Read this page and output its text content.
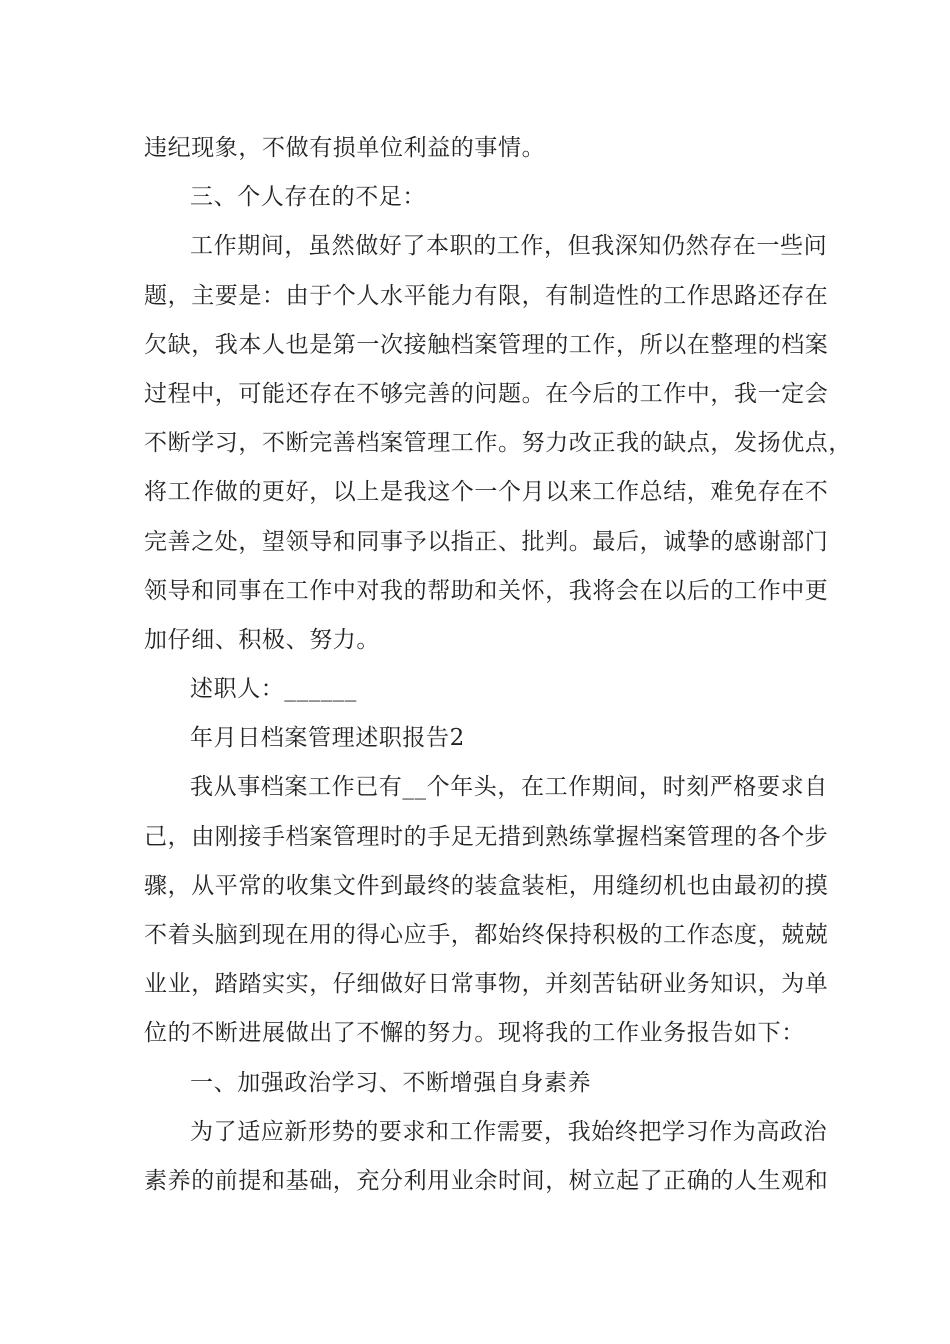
违纪现象，不做有损单位利益的事情。
三、个人存在的不足：
工作期间，虽然做好了本职的工作，但我深知仍然存在一些问
题，主要是：由于个人水平能力有限，有制造性的工作思路还存在
欠缺，我本人也是第一次接触档案管理的工作，所以在整理的档案
过程中，可能还存在不够完善的问题。在今后的工作中，我一定会
不断学习，不断完善档案管理工作。努力改正我的缺点，发扬优点，
将工作做的更好，以上是我这个一个月以来工作总结，难免存在不
完善之处，望领导和同事予以指正、批判。最后，诚挚的感谢部门
领导和同事在工作中对我的帮助和关怀，我将会在以后的工作中更
加仔细、积极、努力。
述职人：______
年月日档案管理述职报告2
我从事档案工作已有__个年头，在工作期间，时刻严格要求自
己，由刚接手档案管理时的手足无措到熟练掌握档案管理的各个步
骤，从平常的收集文件到最终的装盒装柜，用缝纫机也由最初的摸
不着头脑到现在用的得心应手，都始终保持积极的工作态度，兢兢
业业，踏踏实实，仔细做好日常事物，并刻苦钻研业务知识，为单
位的不断进展做出了不懈的努力。现将我的工作业务报告如下：
一、加强政治学习、不断增强自身素养
为了适应新形势的要求和工作需要，我始终把学习作为高政治
素养的前提和基础，充分利用业余时间，树立起了正确的人生观和
